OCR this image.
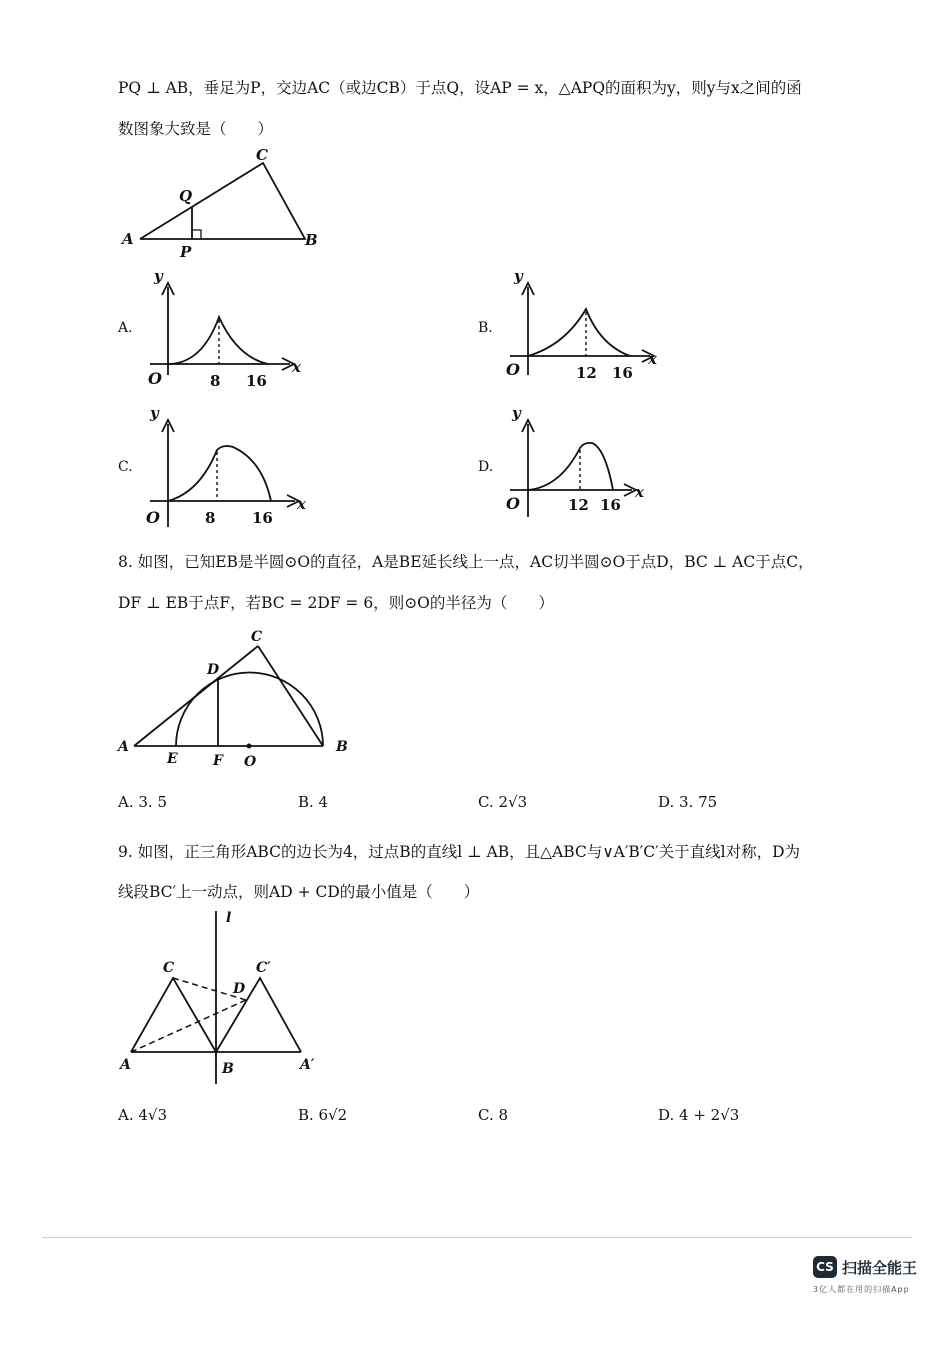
PQ ⊥ AB，垂足为P，交边AC（或边CB）于点Q，设AP = x，△APQ的面积为y，则y与x之间的函
数图象大致是（　　）
C
Q
A
P
B
A.
y
x
O	8 16
B.
y
x
O	12 16
C.
y
x
O	8 16
D.
y
x
O	12 16
8. 如图，已知EB是半圆⊙O的直径，A是BE延长线上一点，AC切半圆⊙O于点D，BC ⊥ AC于点C，
DF ⊥ EB于点F，若BC = 2DF = 6，则⊙O的半径为（　　）
C
D
A
E	F O
B
A. 3. 5	B. 4	C. 2√3	D. 3. 75
9. 如图，正三角形ABC的边长为4，过点B的直线l ⊥ AB，且△ABC与∨A′B′C′关于直线l对称，D为
线段BC′上一动点，则AD + CD的最小值是（　　）
l
C	C′
D
A	B	A′
A. 4√3	B. 6√2	C. 8	D. 4 + 2√3
CS 扫描全能王
3亿人都在用的扫描App
